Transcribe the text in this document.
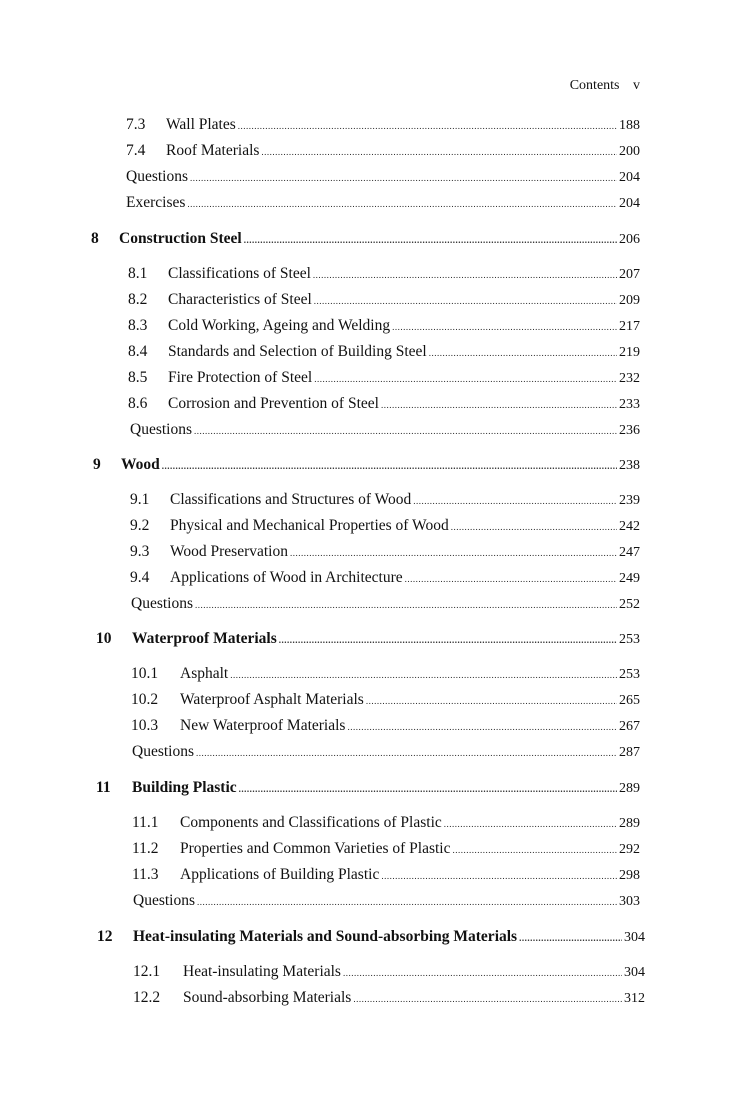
Contents v
7.3	Wall Plates .....	188
7.4	Roof Materials .....	200
Questions .....	204
Exercises .....	204
8	Construction Steel .....	206
8.1	Classifications of Steel .....	207
8.2	Characteristics of Steel .....	209
8.3	Cold Working, Ageing and Welding .....	217
8.4	Standards and Selection of Building Steel .....	219
8.5	Fire Protection of Steel .....	232
8.6	Corrosion and Prevention of Steel .....	233
Questions .....	236
9	Wood .....	238
9.1	Classifications and Structures of Wood .....	239
9.2	Physical and Mechanical Properties of Wood .....	242
9.3	Wood Preservation .....	247
9.4	Applications of Wood in Architecture .....	249
Questions .....	252
10	Waterproof Materials .....	253
10.1	Asphalt .....	253
10.2	Waterproof Asphalt Materials .....	265
10.3	New Waterproof Materials .....	267
Questions .....	287
11	Building Plastic .....	289
11.1	Components and Classifications of Plastic .....	289
11.2	Properties and Common Varieties of Plastic .....	292
11.3	Applications of Building Plastic .....	298
Questions .....	303
12	Heat-insulating Materials and Sound-absorbing Materials .....	304
12.1	Heat-insulating Materials .....	304
12.2	Sound-absorbing Materials .....	312
